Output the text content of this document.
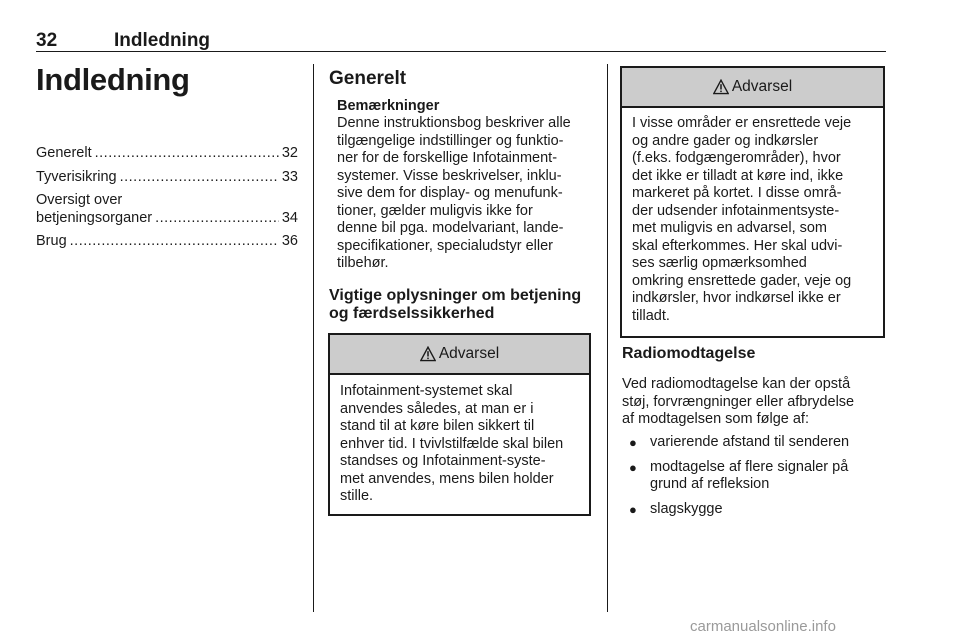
32	Indledning
Indledning
Generelt .....	32
Tyverisikring .....	33
Oversigt over
betjeningsorganer .....	34
Brug .....	36
Generelt
Bemærkninger
Denne instruktionsbog beskriver alle
tilgængelige indstillinger og funktio-
ner for de forskellige Infotainment-
systemer. Visse beskrivelser, inklu-
sive dem for display- og menufunk-
tioner, gælder muligvis ikke for
denne bil pga. modelvariant, lande-
specifikationer, specialudstyr eller
tilbehør.
Vigtige oplysninger om betjening
og færdselssikkerhed
Advarsel
Infotainment-systemet skal
anvendes således, at man er i
stand til at køre bilen sikkert til
enhver tid. I tvivlstilfælde skal bilen
standses og Infotainment-syste-
met anvendes, mens bilen holder
stille.
Advarsel
I visse områder er ensrettede veje
og andre gader og indkørsler
(f.eks. fodgængerområder), hvor
det ikke er tilladt at køre ind, ikke
markeret på kortet. I disse områ-
der udsender infotainmentsyste-
met muligvis en advarsel, som
skal efterkommes. Her skal udvi-
ses særlig opmærksomhed
omkring ensrettede gader, veje og
indkørsler, hvor indkørsel ikke er
tilladt.
Radiomodtagelse
Ved radiomodtagelse kan der opstå
støj, forvrængninger eller afbrydelse
af modtagelsen som følge af:
● varierende afstand til senderen
● modtagelse af flere signaler på
grund af refleksion
● slagskygge
carmanualsonline.info
